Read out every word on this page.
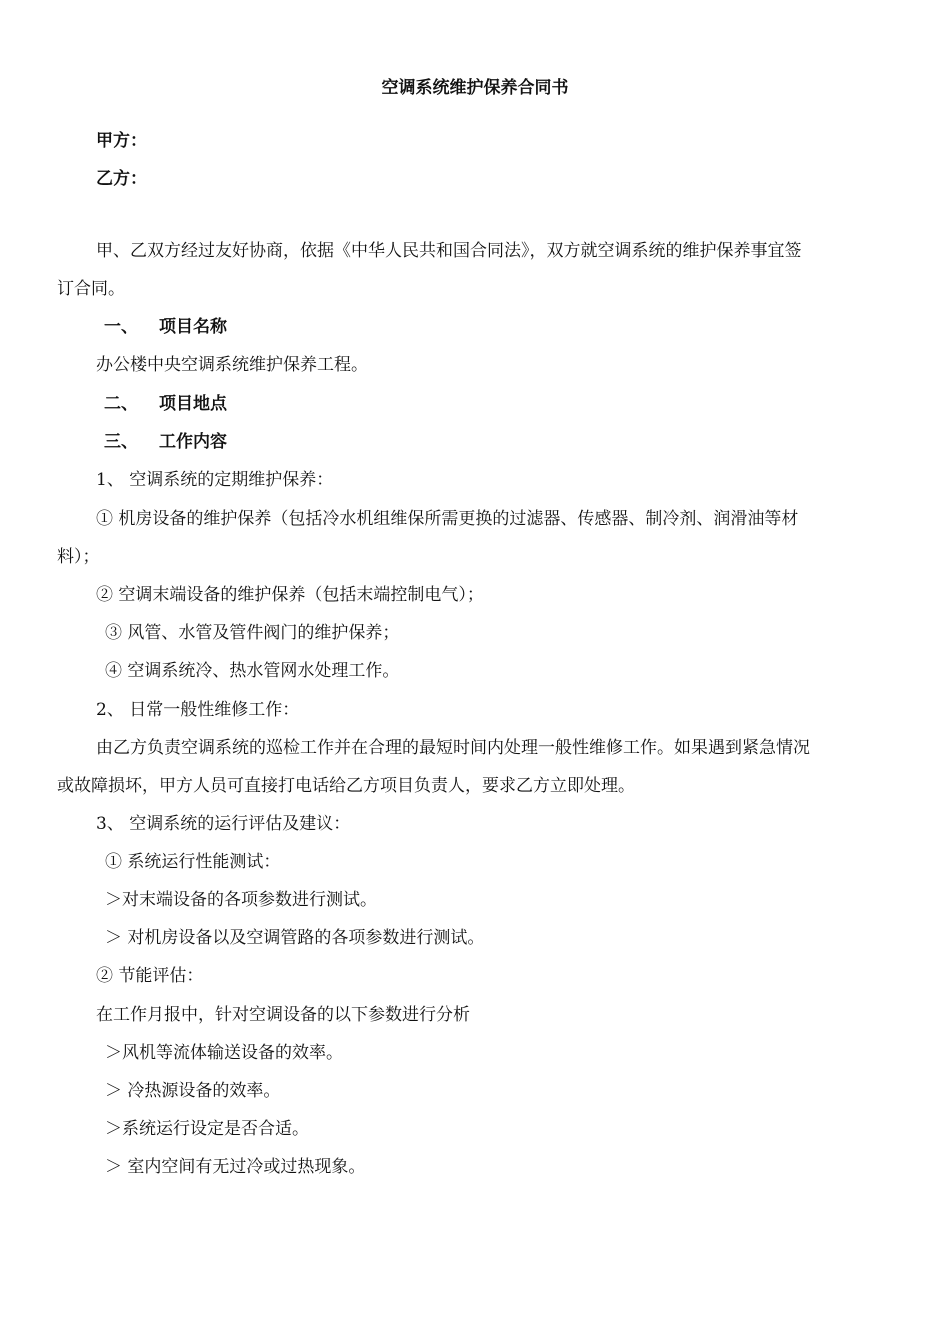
空调系统维护保养合同书
甲方：
乙方：
甲、乙双方经过友好协商，依据《中华人民共和国合同法》，双方就空调系统的维护保养事宜签
订合同。
一、 项目名称
办公楼中央空调系统维护保养工程。
二、 项目地点
三、 工作内容
1、 空调系统的定期维护保养：
① 机房设备的维护保养（包括冷水机组维保所需更换的过滤器、传感器、制冷剂、润滑油等材
料）；
② 空调末端设备的维护保养（包括末端控制电气）；
③ 风管、水管及管件阀门的维护保养；
④ 空调系统冷、热水管网水处理工作。
2、 日常一般性维修工作：
由乙方负责空调系统的巡检工作并在合理的最短时间内处理一般性维修工作。如果遇到紧急情况
或故障损坏，甲方人员可直接打电话给乙方项目负责人，要求乙方立即处理。
3、 空调系统的运行评估及建议：
① 系统运行性能测试：
＞对末端设备的各项参数进行测试。
＞ 对机房设备以及空调管路的各项参数进行测试。
② 节能评估：
在工作月报中，针对空调设备的以下参数进行分析
＞风机等流体输送设备的效率。
＞ 冷热源设备的效率。
＞系统运行设定是否合适。
＞ 室内空间有无过冷或过热现象。
